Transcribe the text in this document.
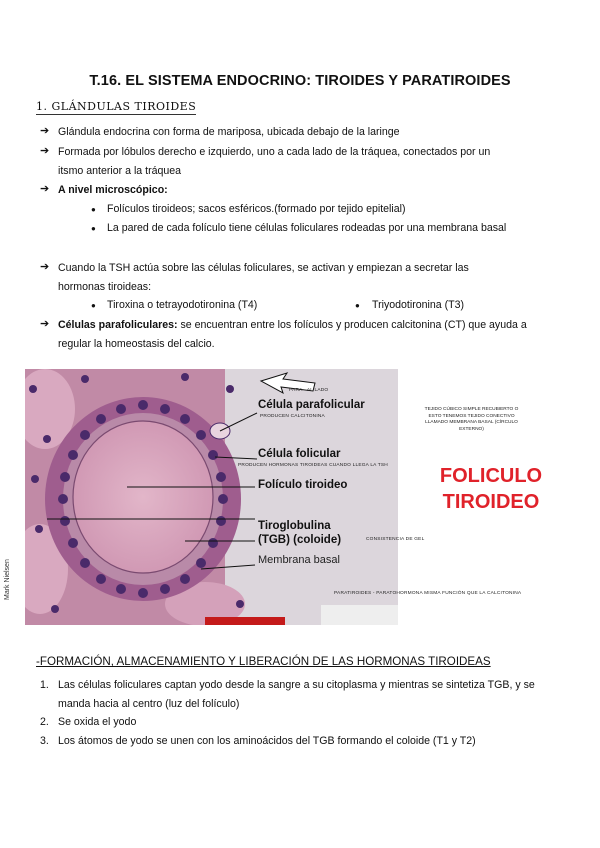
T.16. EL SISTEMA ENDOCRINO: TIROIDES Y PARATIROIDES
1. GLÁNDULAS TIROIDES
➔ Glándula endocrina con forma de mariposa, ubicada debajo de la laringe
➔ Formada por lóbulos derecho e izquierdo, uno a cada lado de la tráquea, conectados por un
itsmo anterior a la tráquea
➔ A nivel microscópico:
● Folículos tiroideos; sacos esféricos.(formado por tejido epitelial)
● La pared de cada folículo tiene células foliculares rodeadas por una membrana basal
➔ Cuando la TSH actúa sobre las células foliculares, se activan y empiezan a secretar las
hormonas tiroideas:
● Tiroxina o tetrayodotironina (T4)	● Triyodotironina (T3)
➔ Células parafoliculares: se encuentran entre los folículos y producen calcitonina (CT) que ayuda a
regular la homeostasis del calcio.
PARA - AL LADO
Célula parafolicular
PRODUCEN CALCITONINA
Célula folicular
PRODUCEN HORMONAS TIROIDEAS CUANDO LLEGA LA TSH
Folículo tiroideo
Tiroglobulina
(TGB) (coloide)	CONSISTENCIA DE GEL
Membrana basal
PARATIROIDES - PARATOHORMONA MISMA FUNCIÓN QUE LA CALCITONINA
Mark Nielsen
TEJIDO CÚBICO SIMPLE RECUBIERTO O ESTO TENEMOS TEJIDO CONECTIVO LLAMADO MEMBRANA BASAL (CÍRCULO EXTERNO)
FOLICULO
TIROIDEO
-FORMACIÓN, ALMACENAMIENTO Y LIBERACIÓN DE LAS HORMONAS TIROIDEAS
1. Las células foliculares captan yodo desde la sangre a su citoplasma y mientras se sintetiza TGB, y se
manda hacia al centro (luz del folículo)
2. Se oxida el yodo
3. Los átomos de yodo se unen con los aminoácidos del TGB formando el coloide (T1 y T2)
